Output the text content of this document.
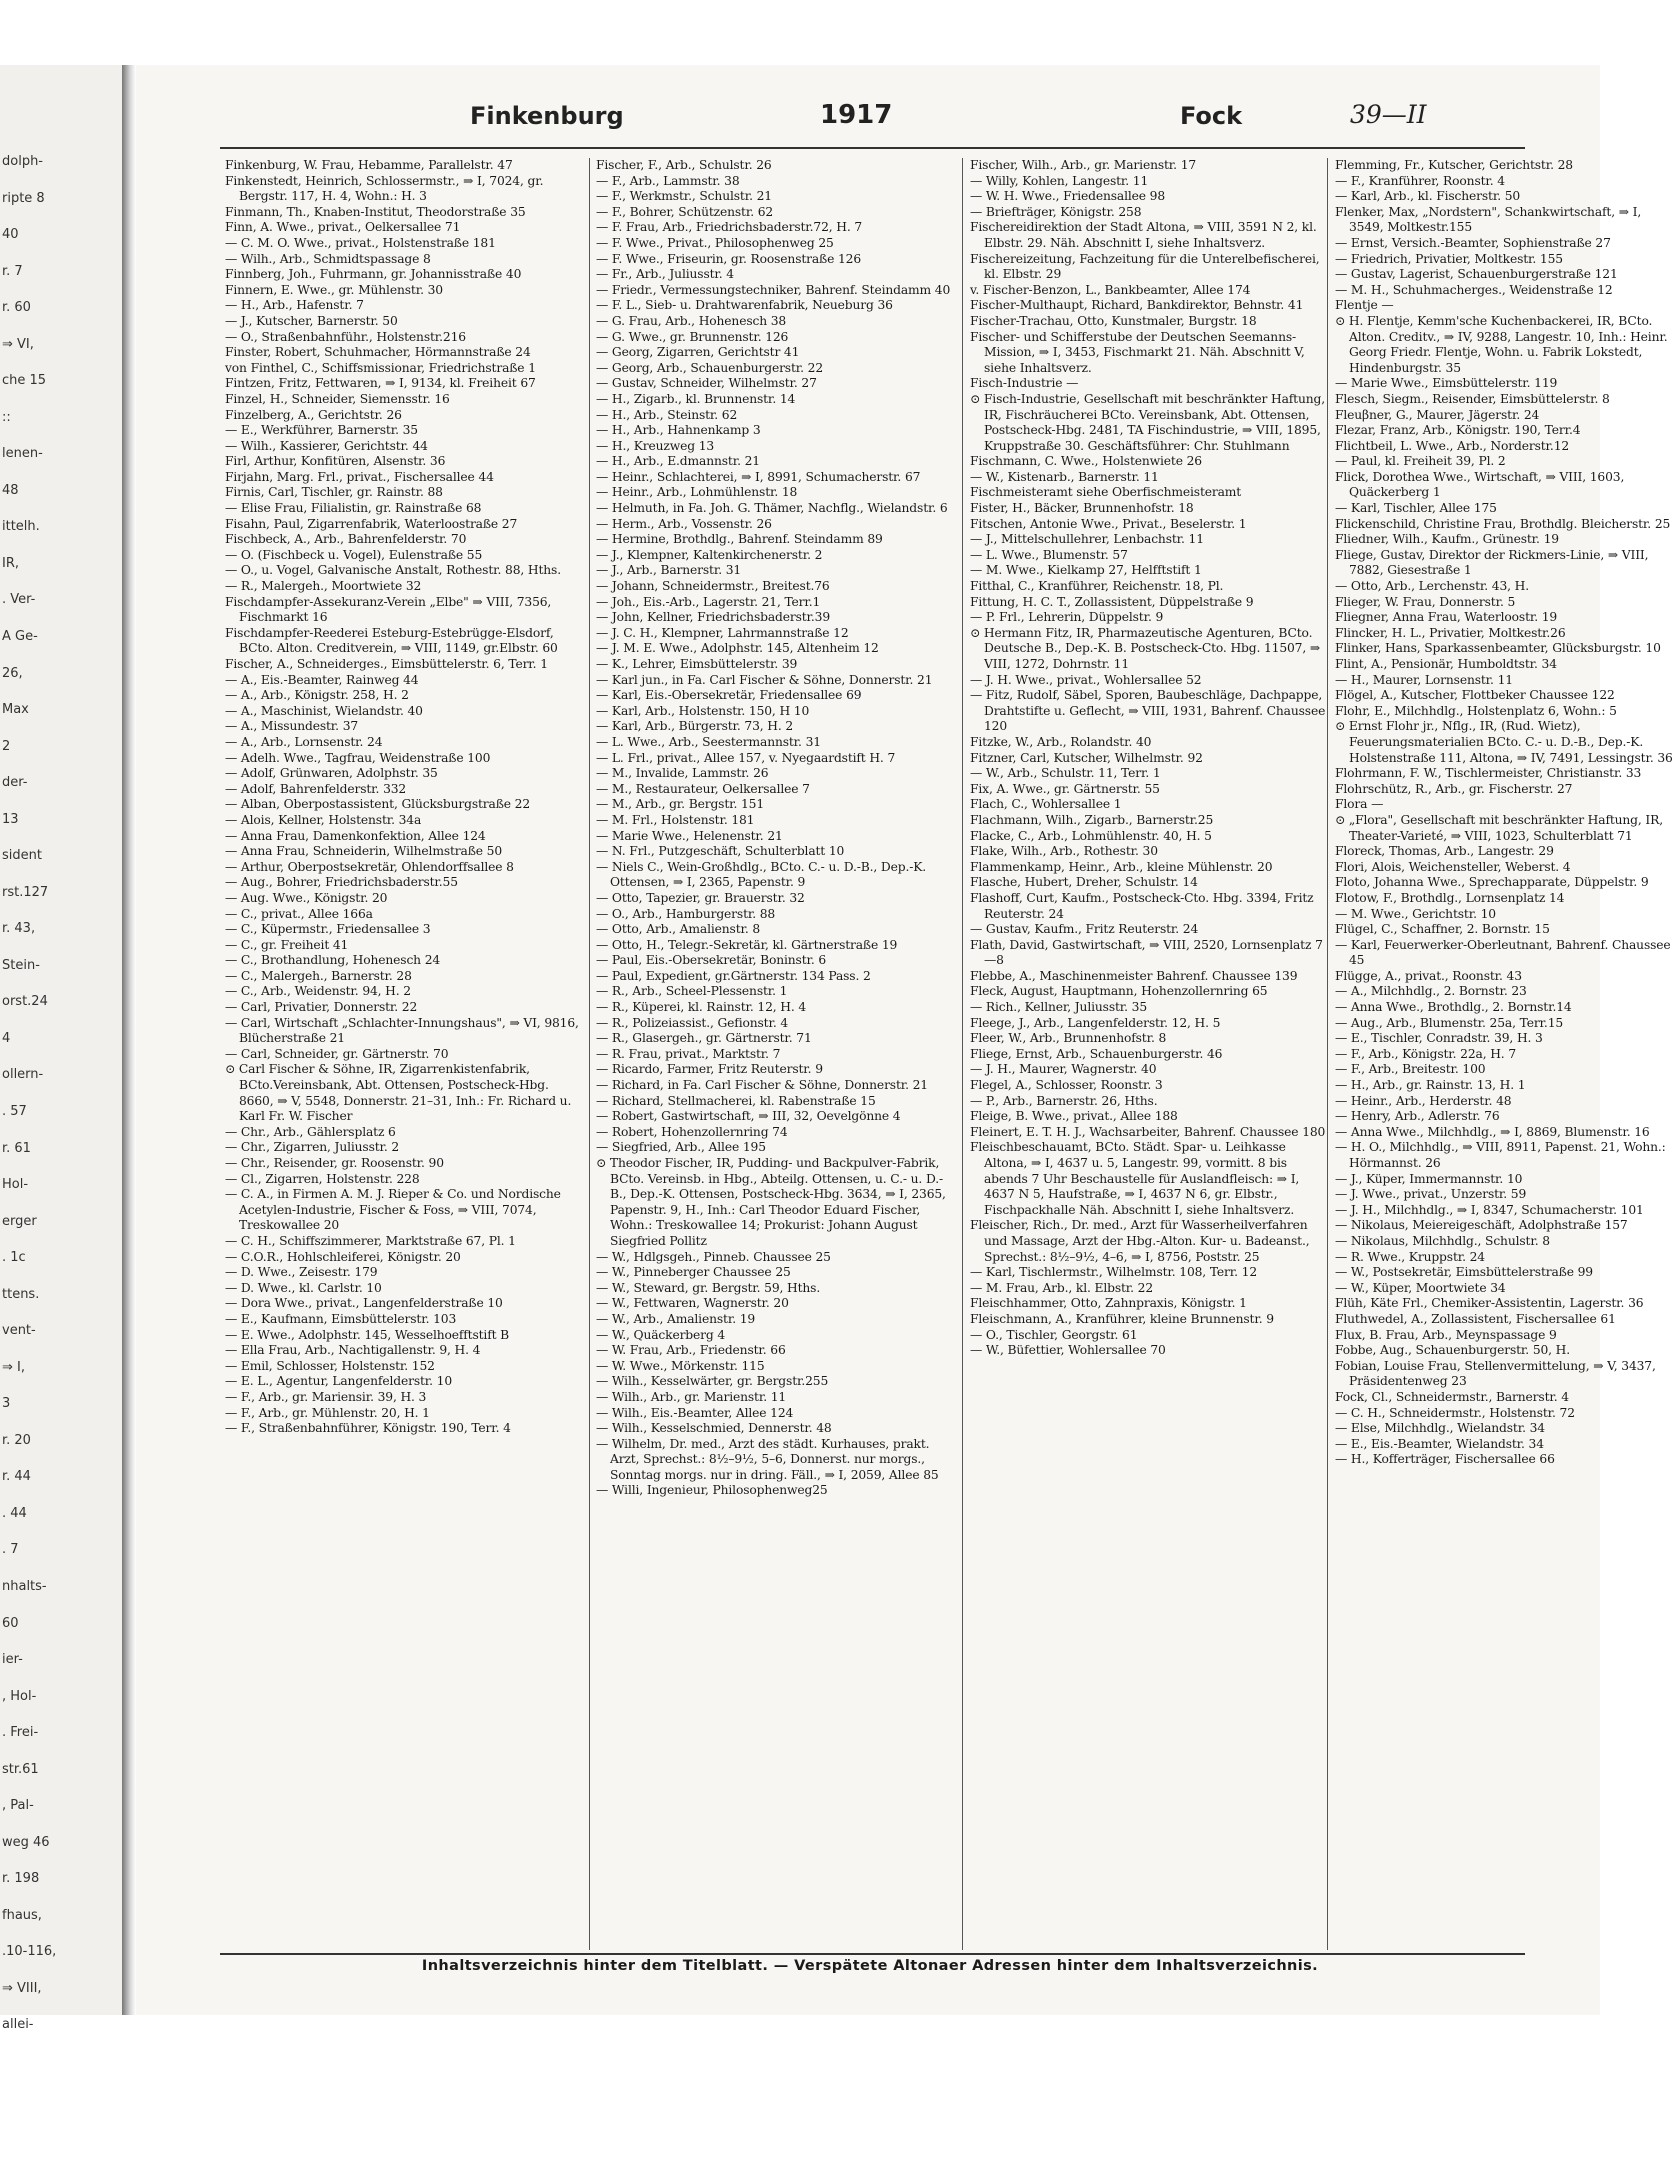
dolph-
ripte 8
40
r. 7
r. 60
⇒ VI,
che 15
::
lenen-
48
ittelh.
IR,
. Ver-
A Ge-
26,
Max
2
der-
13
sident
rst.127
r. 43,
Stein-
orst.24
4
ollern-
. 57
r. 61
Hol-
erger
. 1c
ttens.
vent-
⇒ I,
3
r. 20
r. 44
. 44
. 7
nhalts-
60
ier-
, Hol-
. Frei-
str.61
, Pal-
weg 46
r. 198
fhaus,
.10-116,
⇒ VIII,
allei-
Finkenburg	1917	Fock	39—II

Finkenburg, W. Frau, Hebamme, Parallelstr. 47

Finkenstedt, Heinrich, Schlossermstr., ⇒ I, 7024, gr. Bergstr. 117, H. 4, Wohn.: H. 3

Finmann, Th., Knaben-Institut, Theodorstraße 35

Finn, A. Wwe., privat., Oelkersallee 71

— C. M. O. Wwe., privat., Holstenstraße 181

— Wilh., Arb., Schmidtspassage 8

Finnberg, Joh., Fuhrmann, gr. Johannisstraße 40

Finnern, E. Wwe., gr. Mühlenstr. 30

— H., Arb., Hafenstr. 7

— J., Kutscher, Barnerstr. 50

— O., Straßenbahnführ., Holstenstr.216

Finster, Robert, Schuhmacher, Hörmannstraße 24

von Finthel, C., Schiffsmissionar, Friedrichstraße 1

Fintzen, Fritz, Fettwaren, ⇒ I, 9134, kl. Freiheit 67

Finzel, H., Schneider, Siemensstr. 16

Finzelberg, A., Gerichtstr. 26

— E., Werkführer, Barnerstr. 35

— Wilh., Kassierer, Gerichtstr. 44

Firl, Arthur, Konfitüren, Alsenstr. 36

Firjahn, Marg. Frl., privat., Fischersallee 44

Firnis, Carl, Tischler, gr. Rainstr. 88

— Elise Frau, Filialistin, gr. Rainstraße 68

Fisahn, Paul, Zigarrenfabrik, Waterloostraße 27

Fischbeck, A., Arb., Bahrenfelderstr. 70

— O. (Fischbeck u. Vogel), Eulenstraße 55

— O., u. Vogel, Galvanische Anstalt, Rothestr. 88, Hths.

— R., Malergeh., Moortwiete 32

Fischdampfer-Assekuranz-Verein „Elbe" ⇒ VIII, 7356, Fischmarkt 16

Fischdampfer-Reederei Esteburg-Estebrügge-Elsdorf, BCto. Alton. Creditverein, ⇒ VIII, 1149, gr.Elbstr. 60

Fischer, A., Schneiderges., Eimsbüttelerstr. 6, Terr. 1

— A., Eis.-Beamter, Rainweg 44

— A., Arb., Königstr. 258, H. 2

— A., Maschinist, Wielandstr. 40

— A., Missundestr. 37

— A., Arb., Lornsenstr. 24

— Adelh. Wwe., Tagfrau, Weidenstraße 100

— Adolf, Grünwaren, Adolphstr. 35

— Adolf, Bahrenfelderstr. 332

— Alban, Oberpostassistent, Glücksburgstraße 22

— Alois, Kellner, Holstenstr. 34a

— Anna Frau, Damenkonfektion, Allee 124

— Anna Frau, Schneiderin, Wilhelmstraße 50

— Arthur, Oberpostsekretär, Ohlendorffsallee 8

— Aug., Bohrer, Friedrichsbaderstr.55

— Aug. Wwe., Königstr. 20

— C., privat., Allee 166a

— C., Küpermstr., Friedensallee 3

— C., gr. Freiheit 41

— C., Brothandlung, Hohenesch 24

— C., Malergeh., Barnerstr. 28

— C., Arb., Weidenstr. 94, H. 2

— Carl, Privatier, Donnerstr. 22

— Carl, Wirtschaft „Schlachter-Innungshaus", ⇒ VI, 9816, Blücherstraße 21

— Carl, Schneider, gr. Gärtnerstr. 70

⊙ Carl Fischer & Söhne, IR, Zigarrenkistenfabrik, BCto.Vereinsbank, Abt. Ottensen, Postscheck-Hbg. 8660, ⇒ V, 5548, Donnerstr. 21–31, Inh.: Fr. Richard u. Karl Fr. W. Fischer

— Chr., Arb., Gählersplatz 6

— Chr., Zigarren, Juliusstr. 2

— Chr., Reisender, gr. Roosenstr. 90

— Cl., Zigarren, Holstenstr. 228

— C. A., in Firmen A. M. J. Rieper & Co. und Nordische Acetylen-Industrie, Fischer & Foss, ⇒ VIII, 7074, Treskowallee 20

— C. H., Schiffszimmerer, Marktstraße 67, Pl. 1

— C.O.R., Hohlschleiferei, Königstr. 20

— D. Wwe., Zeisestr. 179

— D. Wwe., kl. Carlstr. 10

— Dora Wwe., privat., Langenfelderstraße 10

— E., Kaufmann, Eimsbüttelerstr. 103

— E. Wwe., Adolphstr. 145, Wesselhoefftstift B

— Ella Frau, Arb., Nachtigallenstr. 9, H. 4

— Emil, Schlosser, Holstenstr. 152

— E. L., Agentur, Langenfelderstr. 10

— F., Arb., gr. Mariensir. 39, H. 3

— F., Arb., gr. Mühlenstr. 20, H. 1

— F., Straßenbahnführer, Königstr. 190, Terr. 4

Fischer, F., Arb., Schulstr. 26

— F., Arb., Lammstr. 38

— F., Werkmstr., Schulstr. 21

— F., Bohrer, Schützenstr. 62

— F. Frau, Arb., Friedrichsbaderstr.72, H. 7

— F. Wwe., Privat., Philosophenweg 25

— F. Wwe., Friseurin, gr. Roosenstraße 126

— Fr., Arb., Juliusstr. 4

— Friedr., Vermessungstechniker, Bahrenf. Steindamm 40

— F. L., Sieb- u. Drahtwarenfabrik, Neueburg 36

— G. Frau, Arb., Hohenesch 38

— G. Wwe., gr. Brunnenstr. 126

— Georg, Zigarren, Gerichtstr 41

— Georg, Arb., Schauenburgerstr. 22

— Gustav, Schneider, Wilhelmstr. 27

— H., Zigarb., kl. Brunnenstr. 14

— H., Arb., Steinstr. 62

— H., Arb., Hahnenkamp 3

— H., Kreuzweg 13

— H., Arb., E.dmannstr. 21

— Heinr., Schlachterei, ⇒ I, 8991, Schumacherstr. 67

— Heinr., Arb., Lohmühlenstr. 18

— Helmuth, in Fa. Joh. G. Thämer, Nachflg., Wielandstr. 6

— Herm., Arb., Vossenstr. 26

— Hermine, Brothdlg., Bahrenf. Steindamm 89

— J., Klempner, Kaltenkirchenerstr. 2

— J., Arb., Barnerstr. 31

— Johann, Schneidermstr., Breitest.76

— Joh., Eis.-Arb., Lagerstr. 21, Terr.1

— John, Kellner, Friedrichsbaderstr.39

— J. C. H., Klempner, Lahrmannstraße 12

— J. M. E. Wwe., Adolphstr. 145, Altenheim 12

— K., Lehrer, Eimsbüttelerstr. 39

— Karl jun., in Fa. Carl Fischer & Söhne, Donnerstr. 21

— Karl, Eis.-Obersekretär, Friedensallee 69

— Karl, Arb., Holstenstr. 150, H 10

— Karl, Arb., Bürgerstr. 73, H. 2

— L. Wwe., Arb., Seestermannstr. 31

— L. Frl., privat., Allee 157, v. Nyegaardstift H. 7

— M., Invalide, Lammstr. 26

— M., Restaurateur, Oelkersallee 7

— M., Arb., gr. Bergstr. 151

— M. Frl., Holstenstr. 181

— Marie Wwe., Helenenstr. 21

— N. Frl., Putzgeschäft, Schulterblatt 10

— Niels C., Wein-Großhdlg., BCto. C.- u. D.-B., Dep.-K. Ottensen, ⇒ I, 2365, Papenstr. 9

— Otto, Tapezier, gr. Brauerstr. 32

— O., Arb., Hamburgerstr. 88

— Otto, Arb., Amalienstr. 8

— Otto, H., Telegr.-Sekretär, kl. Gärtnerstraße 19

— Paul, Eis.-Obersekretär, Boninstr. 6

— Paul, Expedient, gr.Gärtnerstr. 134 Pass. 2

— R., Arb., Scheel-Plessenstr. 1

— R., Küperei, kl. Rainstr. 12, H. 4

— R., Polizeiassist., Gefionstr. 4

— R., Glasergeh., gr. Gärtnerstr. 71

— R. Frau, privat., Marktstr. 7

— Ricardo, Farmer, Fritz Reuterstr. 9

— Richard, in Fa. Carl Fischer & Söhne, Donnerstr. 21

— Richard, Stellmacherei, kl. Rabenstraße 15

— Robert, Gastwirtschaft, ⇒ III, 32, Oevelgönne 4

— Robert, Hohenzollernring 74

— Siegfried, Arb., Allee 195

⊙ Theodor Fischer, IR, Pudding- und Backpulver-Fabrik, BCto. Vereinsb. in Hbg., Abteilg. Ottensen, u. C.- u. D.-B., Dep.-K. Ottensen, Postscheck-Hbg. 3634, ⇒ I, 2365, Papenstr. 9, H., Inh.: Carl Theodor Eduard Fischer, Wohn.: Treskowallee 14; Prokurist: Johann August Siegfried Pollitz

— W., Hdlgsgeh., Pinneb. Chaussee 25

— W., Pinneberger Chaussee 25

— W., Steward, gr. Bergstr. 59, Hths.

— W., Fettwaren, Wagnerstr. 20

— W., Arb., Amalienstr. 19

— W., Quäckerberg 4

— W. Frau, Arb., Friedenstr. 66

— W. Wwe., Mörkenstr. 115

— Wilh., Kesselwärter, gr. Bergstr.255

— Wilh., Arb., gr. Marienstr. 11

— Wilh., Eis.-Beamter, Allee 124

— Wilh., Kesselschmied, Dennerstr. 48

— Wilhelm, Dr. med., Arzt des städt. Kurhauses, prakt. Arzt, Sprechst.: 8½–9½, 5–6, Donnerst. nur morgs., Sonntag morgs. nur in dring. Fäll., ⇒ I, 2059, Allee 85

— Willi, Ingenieur, Philosophenweg25

Fischer, Wilh., Arb., gr. Marienstr. 17

— Willy, Kohlen, Langestr. 11

— W. H. Wwe., Friedensallee 98

— Briefträger, Königstr. 258

Fischereidirektion der Stadt Altona, ⇒ VIII, 3591 N 2, kl. Elbstr. 29. Näh. Abschnitt I, siehe Inhaltsverz.

Fischereizeitung, Fachzeitung für die Unterelbefischerei, kl. Elbstr. 29

v. Fischer-Benzon, L., Bankbeamter, Allee 174

Fischer-Multhaupt, Richard, Bankdirektor, Behnstr. 41

Fischer-Trachau, Otto, Kunstmaler, Burgstr. 18

Fischer- und Schifferstube der Deutschen Seemanns-Mission, ⇒ I, 3453, Fischmarkt 21. Näh. Abschnitt V, siehe Inhaltsverz.

Fisch-Industrie —

⊙ Fisch-Industrie, Gesellschaft mit beschränkter Haftung, IR, Fischräucherei BCto. Vereinsbank, Abt. Ottensen, Postscheck-Hbg. 2481, TA Fischindustrie, ⇒ VIII, 1895, Kruppstraße 30. Geschäftsführer: Chr. Stuhlmann

Fischmann, C. Wwe., Holstenwiete 26

— W., Kistenarb., Barnerstr. 11

Fischmeisteramt siehe Oberfischmeisteramt

Fister, H., Bäcker, Brunnenhofstr. 18

Fitschen, Antonie Wwe., Privat., Beselerstr. 1

— J., Mittelschullehrer, Lenbachstr. 11

— L. Wwe., Blumenstr. 57

— M. Wwe., Kielkamp 27, Helfftstift 1

Fitthal, C., Kranführer, Reichenstr. 18, Pl.

Fittung, H. C. T., Zollassistent, Düppelstraße 9

— P. Frl., Lehrerin, Düppelstr. 9

⊙ Hermann Fitz, IR, Pharmazeutische Agenturen, BCto. Deutsche B., Dep.-K. B. Postscheck-Cto. Hbg. 11507, ⇒ VIII, 1272, Dohrnstr. 11

— J. H. Wwe., privat., Wohlersallee 52

— Fitz, Rudolf, Säbel, Sporen, Baubeschläge, Dachpappe, Drahtstifte u. Geflecht, ⇒ VIII, 1931, Bahrenf. Chaussee 120

Fitzke, W., Arb., Rolandstr. 40

Fitzner, Carl, Kutscher, Wilhelmstr. 92

— W., Arb., Schulstr. 11, Terr. 1

Fix, A. Wwe., gr. Gärtnerstr. 55

Flach, C., Wohlersallee 1

Flachmann, Wilh., Zigarb., Barnerstr.25

Flacke, C., Arb., Lohmühlenstr. 40, H. 5

Flake, Wilh., Arb., Rothestr. 30

Flammenkamp, Heinr., Arb., kleine Mühlenstr. 20

Flasche, Hubert, Dreher, Schulstr. 14

Flashoff, Curt, Kaufm., Postscheck-Cto. Hbg. 3394, Fritz Reuterstr. 24

— Gustav, Kaufm., Fritz Reuterstr. 24

Flath, David, Gastwirtschaft, ⇒ VIII, 2520, Lornsenplatz 7—8

Flebbe, A., Maschinenmeister Bahrenf. Chaussee 139

Fleck, August, Hauptmann, Hohenzollernring 65

— Rich., Kellner, Juliusstr. 35

Fleege, J., Arb., Langenfelderstr. 12, H. 5

Fleer, W., Arb., Brunnenhofstr. 8

Fliege, Ernst, Arb., Schauenburgerstr. 46

— J. H., Maurer, Wagnerstr. 40

Flegel, A., Schlosser, Roonstr. 3

— P., Arb., Barnerstr. 26, Hths.

Fleige, B. Wwe., privat., Allee 188

Fleinert, E. T. H. J., Wachsarbeiter, Bahrenf. Chaussee 180

Fleischbeschauamt, BCto. Städt. Spar- u. Leihkasse Altona, ⇒ I, 4637 u. 5, Langestr. 99, vormitt. 8 bis abends 7 Uhr Beschaustelle für Auslandfleisch: ⇒ I, 4637 N 5, Haufstraße, ⇒ I, 4637 N 6, gr. Elbstr., Fischpackhalle Näh. Abschnitt I, siehe Inhaltsverz.

Fleischer, Rich., Dr. med., Arzt für Wasserheilverfahren und Massage, Arzt der Hbg.-Alton. Kur- u. Badeanst., Sprechst.: 8½–9½, 4–6, ⇒ I, 8756, Poststr. 25

— Karl, Tischlermstr., Wilhelmstr. 108, Terr. 12

— M. Frau, Arb., kl. Elbstr. 22

Fleischhammer, Otto, Zahnpraxis, Königstr. 1

Fleischmann, A., Kranführer, kleine Brunnenstr. 9

— O., Tischler, Georgstr. 61

— W., Büfettier, Wohlersallee 70

Flemming, Fr., Kutscher, Gerichtstr. 28

— F., Kranführer, Roonstr. 4

— Karl, Arb., kl. Fischerstr. 50

Flenker, Max, „Nordstern", Schankwirtschaft, ⇒ I, 3549, Moltkestr.155

— Ernst, Versich.-Beamter, Sophienstraße 27

— Friedrich, Privatier, Moltkestr. 155

— Gustav, Lagerist, Schauenburgerstraße 121

— M. H., Schuhmacherges., Weidenstraße 12

Flentje —

⊙ H. Flentje, Kemm'sche Kuchenbackerei, IR, BCto. Alton. Creditv., ⇒ IV, 9288, Langestr. 10, Inh.: Heinr. Georg Friedr. Flentje, Wohn. u. Fabrik Lokstedt, Hindenburgstr. 35

— Marie Wwe., Eimsbüttelerstr. 119

Flesch, Siegm., Reisender, Eimsbüttelerstr. 8

Fleuβner, G., Maurer, Jägerstr. 24

Flezar, Franz, Arb., Königstr. 190, Terr.4

Flichtbeil, L. Wwe., Arb., Norderstr.12

— Paul, kl. Freiheit 39, Pl. 2

Flick, Dorothea Wwe., Wirtschaft, ⇒ VIII, 1603, Quäckerberg 1

— Karl, Tischler, Allee 175

Flickenschild, Christine Frau, Brothdlg. Bleicherstr. 25

Fliedner, Wilh., Kaufm., Grünestr. 19

Fliege, Gustav, Direktor der Rickmers-Linie, ⇒ VIII, 7882, Giesestraße 1

— Otto, Arb., Lerchenstr. 43, H.

Flieger, W. Frau, Donnerstr. 5

Fliegner, Anna Frau, Waterloostr. 19

Flincker, H. L., Privatier, Moltkestr.26

Flinker, Hans, Sparkassenbeamter, Glücksburgstr. 10

Flint, A., Pensionär, Humboldtstr. 34

— H., Maurer, Lornsenstr. 11

Flögel, A., Kutscher, Flottbeker Chaussee 122

Flohr, E., Milchhdlg., Holstenplatz 6, Wohn.: 5

⊙ Ernst Flohr jr., Nflg., IR, (Rud. Wietz), Feuerungsmaterialien BCto. C.- u. D.-B., Dep.-K. Holstenstraße 111, Altona, ⇒ IV, 7491, Lessingstr. 36

Flohrmann, F. W., Tischlermeister, Christianstr. 33

Flohrschütz, R., Arb., gr. Fischerstr. 27

Flora —

⊙ „Flora", Gesellschaft mit beschränkter Haftung, IR, Theater-Varieté, ⇒ VIII, 1023, Schulterblatt 71

Floreck, Thomas, Arb., Langestr. 29

Flori, Alois, Weichensteller, Weberst. 4

Floto, Johanna Wwe., Sprechapparate, Düppelstr. 9

Flotow, F., Brothdlg., Lornsenplatz 14

— M. Wwe., Gerichtstr. 10

Flügel, C., Schaffner, 2. Bornstr. 15

— Karl, Feuerwerker-Oberleutnant, Bahrenf. Chaussee 45

Flügge, A., privat., Roonstr. 43

— A., Milchhdlg., 2. Bornstr. 23

— Anna Wwe., Brothdlg., 2. Bornstr.14

— Aug., Arb., Blumenstr. 25a, Terr.15

— E., Tischler, Conradstr. 39, H. 3

— F., Arb., Königstr. 22a, H. 7

— F., Arb., Breitestr. 100

— H., Arb., gr. Rainstr. 13, H. 1

— Heinr., Arb., Herderstr. 48

— Henry, Arb., Adlerstr. 76

— Anna Wwe., Milchhdlg., ⇒ I, 8869, Blumenstr. 16

— H. O., Milchhdlg., ⇒ VIII, 8911, Papenst. 21, Wohn.: Hörmannst. 26

— J., Küper, Immermannstr. 10

— J. Wwe., privat., Unzerstr. 59

— J. H., Milchhdlg., ⇒ I, 8347, Schumacherstr. 101

— Nikolaus, Meiereigeschäft, Adolphstraße 157

— Nikolaus, Milchhdlg., Schulstr. 8

— R. Wwe., Kruppstr. 24

— W., Postsekretär, Eimsbüttelerstraße 99

— W., Küper, Moortwiete 34

Flüh, Käte Frl., Chemiker-Assistentin, Lagerstr. 36

Fluthwedel, A., Zollassistent, Fischersallee 61

Flux, B. Frau, Arb., Meynspassage 9

Fobbe, Aug., Schauenburgerstr. 50, H.

Fobian, Louise Frau, Stellenvermittelung, ⇒ V, 3437, Präsidentenweg 23

Fock, Cl., Schneidermstr., Barnerstr. 4

— C. H., Schneidermstr., Holstenstr. 72

— Else, Milchhdlg., Wielandstr. 34

— E., Eis.-Beamter, Wielandstr. 34

— H., Kofferträger, Fischersallee 66

Inhaltsverzeichnis hinter dem Titelblatt. — Verspätete Altonaer Adressen hinter dem Inhaltsverzeichnis.
